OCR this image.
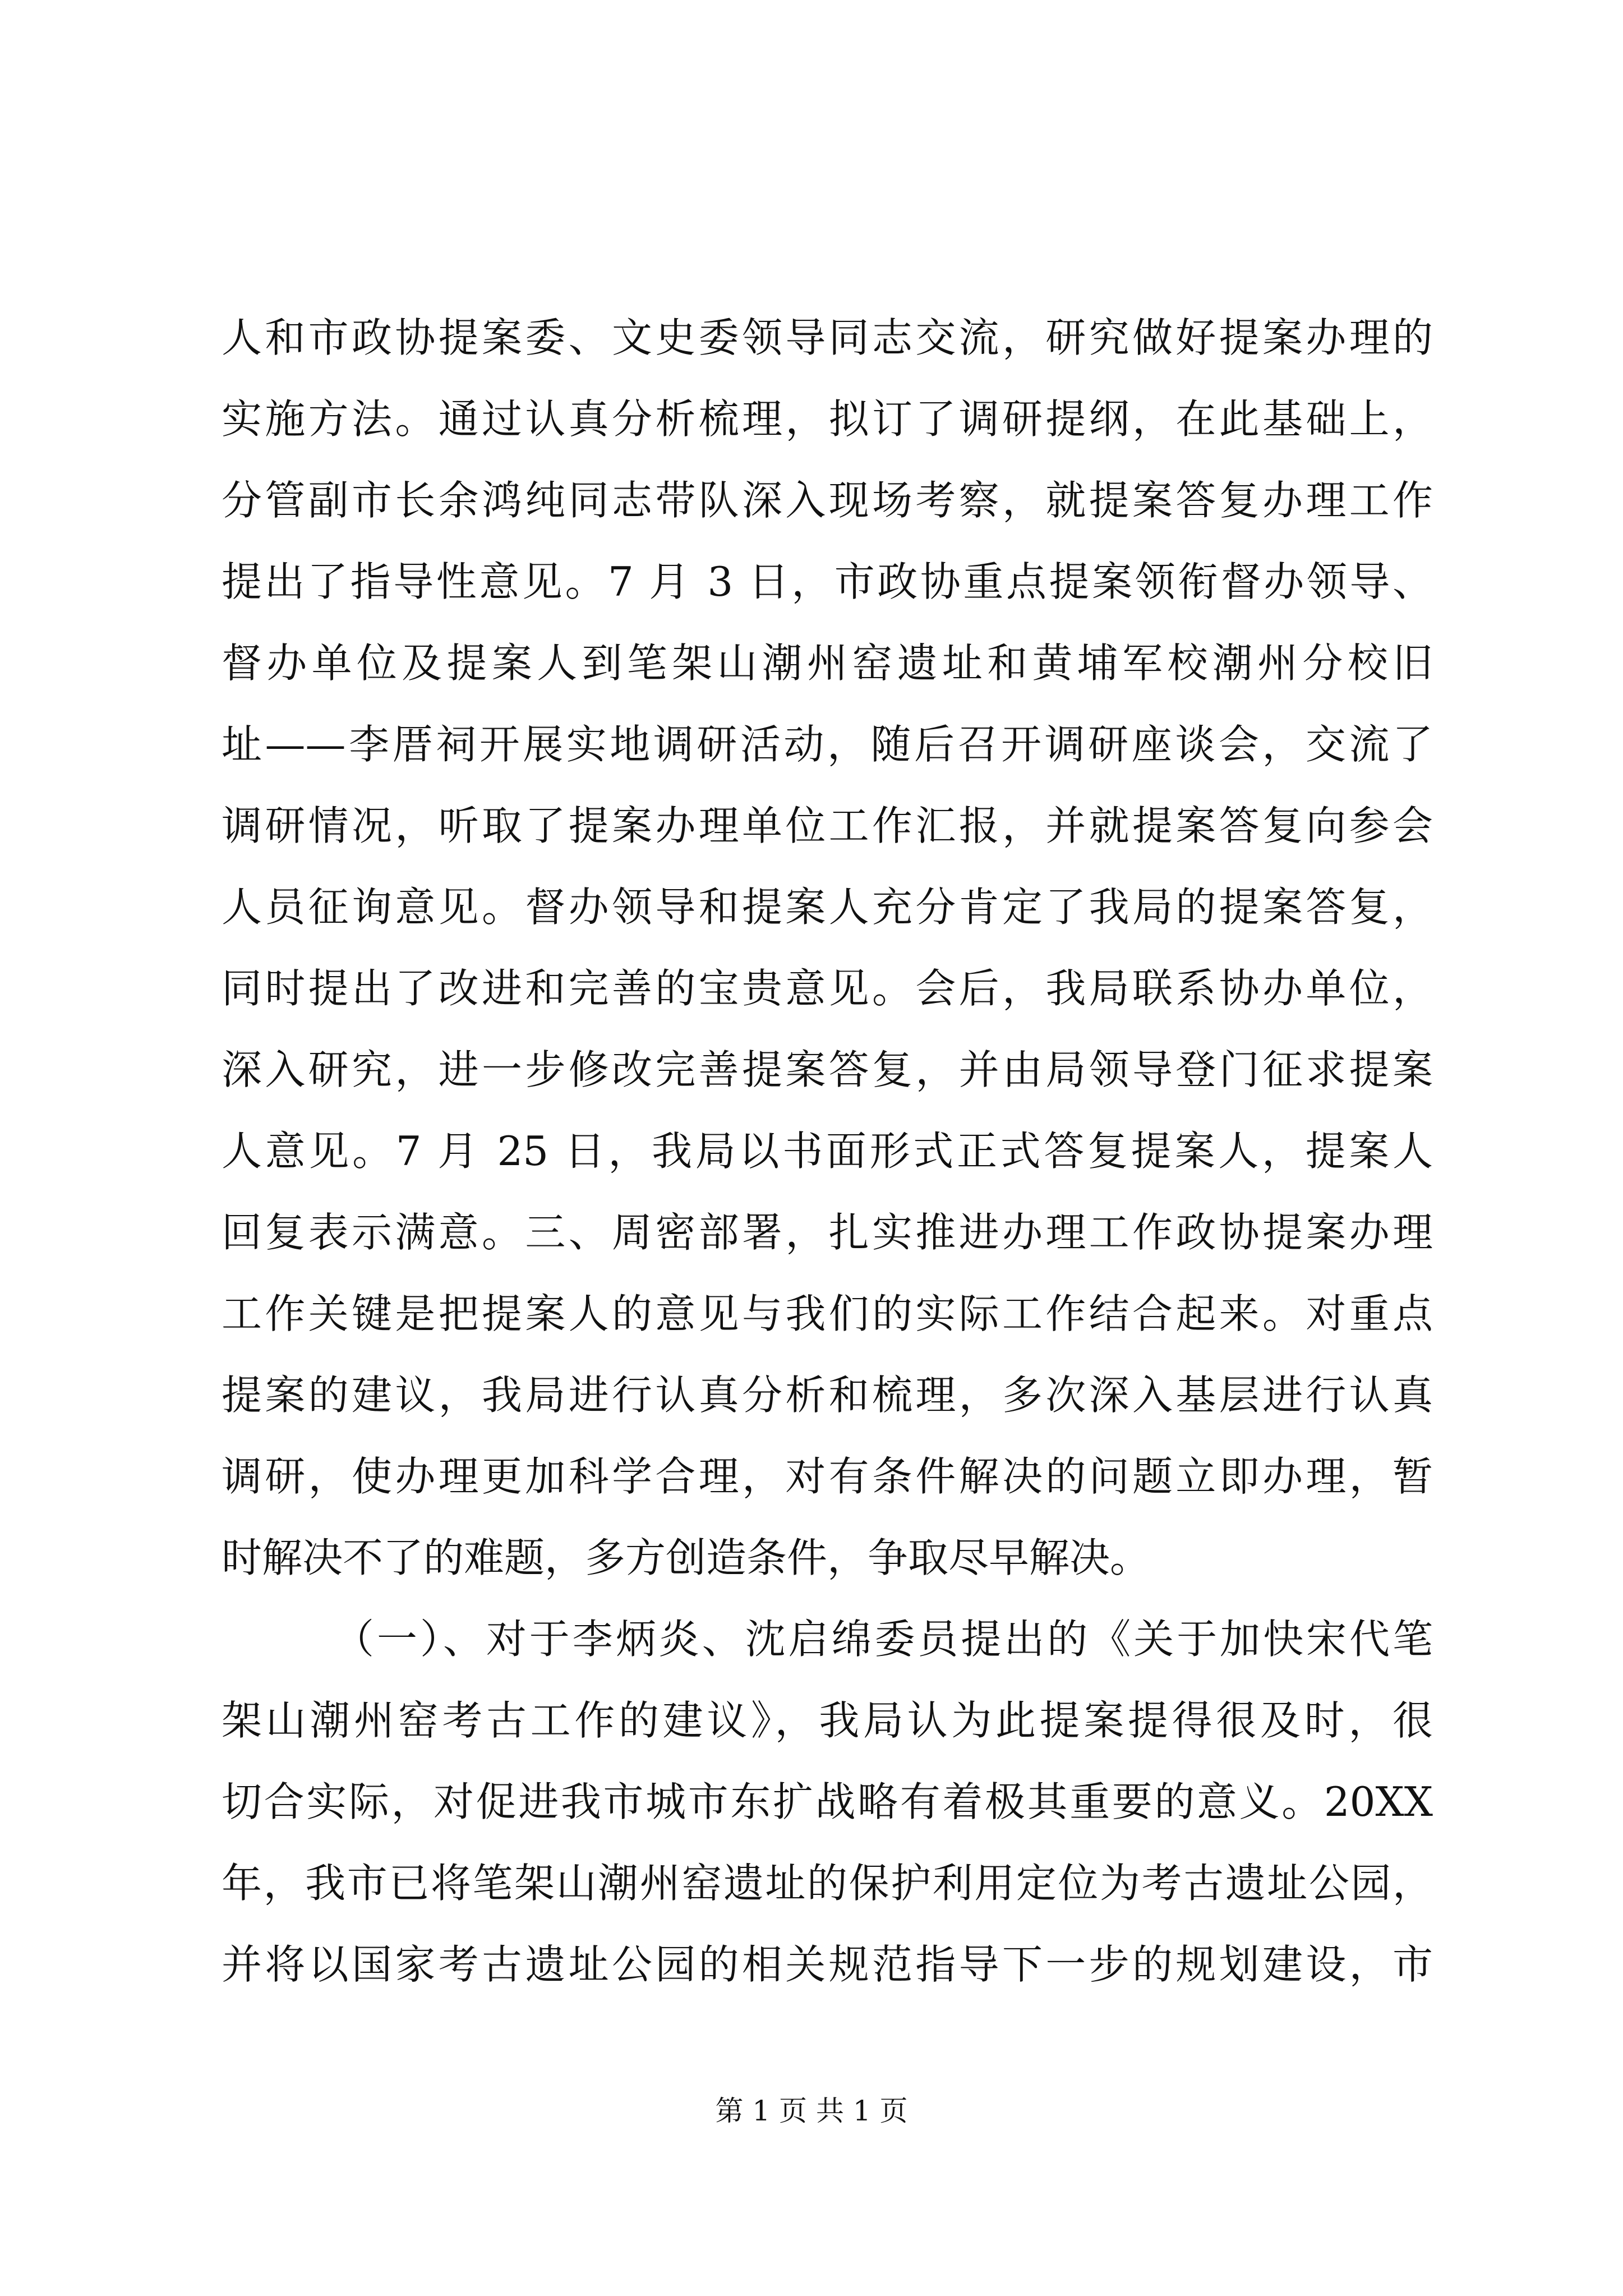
人和市政协提案委、文史委领导同志交流，研究做好提案办理的
实施方法。通过认真分析梳理，拟订了调研提纲，在此基础上，
分管副市长余鸿纯同志带队深入现场考察，就提案答复办理工作
提出了指导性意见。7 月 3 日，市政协重点提案领衔督办领导、
督办单位及提案人到笔架山潮州窑遗址和黄埔军校潮州分校旧
址——李厝祠开展实地调研活动，随后召开调研座谈会，交流了
调研情况，听取了提案办理单位工作汇报，并就提案答复向参会
人员征询意见。督办领导和提案人充分肯定了我局的提案答复，
同时提出了改进和完善的宝贵意见。会后，我局联系协办单位，
深入研究，进一步修改完善提案答复，并由局领导登门征求提案
人意见。7 月 25 日，我局以书面形式正式答复提案人，提案人
回复表示满意。三、周密部署，扎实推进办理工作政协提案办理
工作关键是把提案人的意见与我们的实际工作结合起来。对重点
提案的建议，我局进行认真分析和梳理，多次深入基层进行认真
调研，使办理更加科学合理，对有条件解决的问题立即办理，暂
时解决不了的难题，多方创造条件，争取尽早解决。
（一）、对于李炳炎、沈启绵委员提出的《关于加快宋代笔
架山潮州窑考古工作的建议》，我局认为此提案提得很及时，很
切合实际，对促进我市城市东扩战略有着极其重要的意义。20XX
年，我市已将笔架山潮州窑遗址的保护利用定位为考古遗址公园，
并将以国家考古遗址公园的相关规范指导下一步的规划建设，市
第 1 页 共 1 页
